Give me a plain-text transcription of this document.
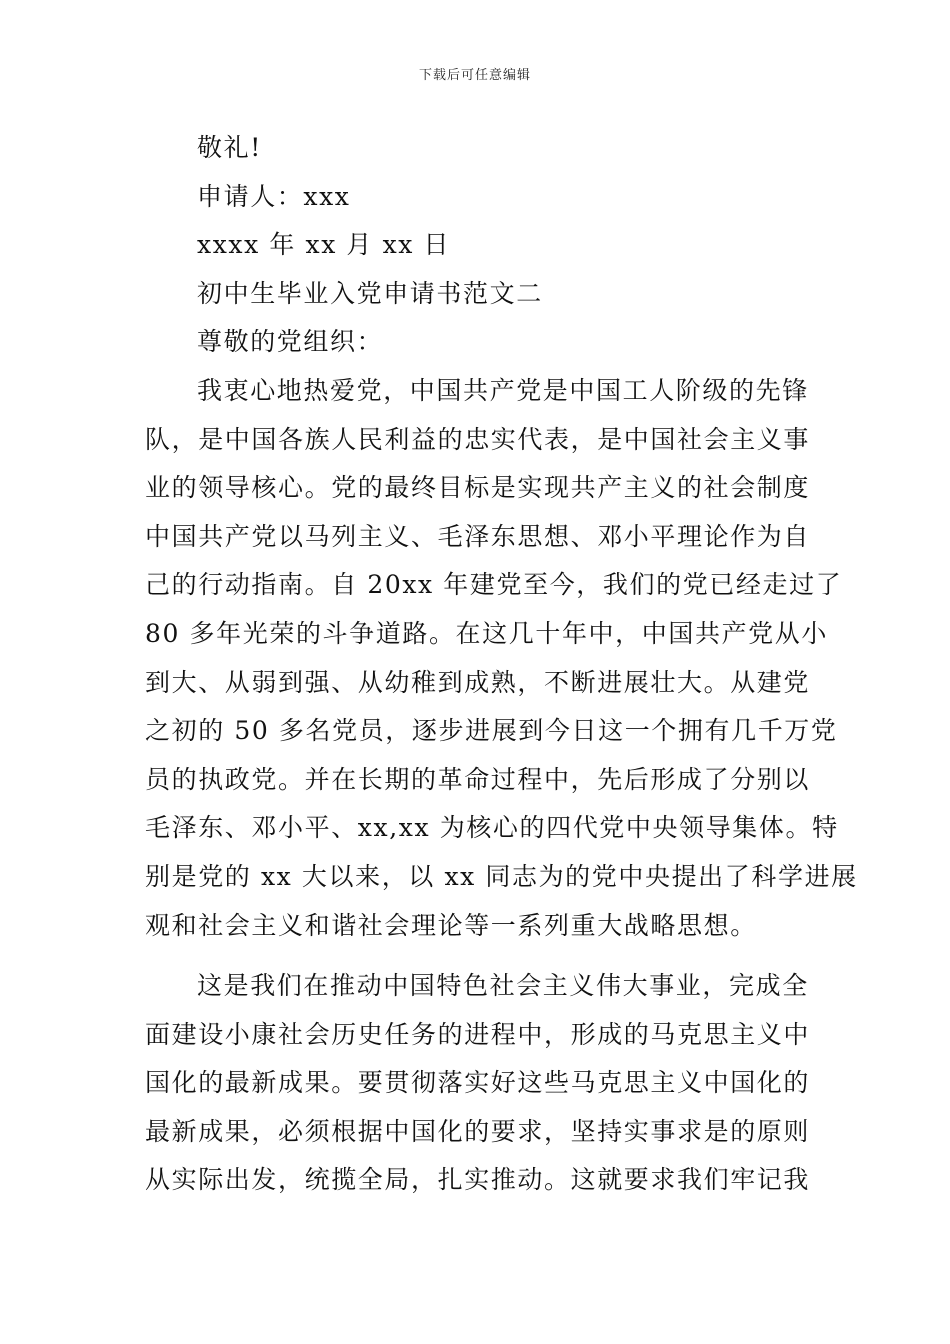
下载后可任意编辑
敬礼!
申请人：xxx
xxxx 年 xx 月 xx 日
初中生毕业入党申请书范文二
尊敬的党组织：
我衷心地热爱党，中国共产党是中国工人阶级的先锋
队，是中国各族人民利益的忠实代表，是中国社会主义事
业的领导核心。党的最终目标是实现共产主义的社会制度
中国共产党以马列主义、毛泽东思想、邓小平理论作为自
己的行动指南。自 20xx 年建党至今，我们的党已经走过了
80 多年光荣的斗争道路。在这几十年中，中国共产党从小
到大、从弱到强、从幼稚到成熟，不断进展壮大。从建党
之初的 50 多名党员，逐步进展到今日这一个拥有几千万党
员的执政党。并在长期的革命过程中，先后形成了分别以
毛泽东、邓小平、xx,xx 为核心的四代党中央领导集体。特
别是党的 xx 大以来，以 xx 同志为的党中央提出了科学进展
观和社会主义和谐社会理论等一系列重大战略思想。
这是我们在推动中国特色社会主义伟大事业，完成全
面建设小康社会历史任务的进程中，形成的马克思主义中
国化的最新成果。要贯彻落实好这些马克思主义中国化的
最新成果，必须根据中国化的要求，坚持实事求是的原则
从实际出发，统揽全局，扎实推动。这就要求我们牢记我
